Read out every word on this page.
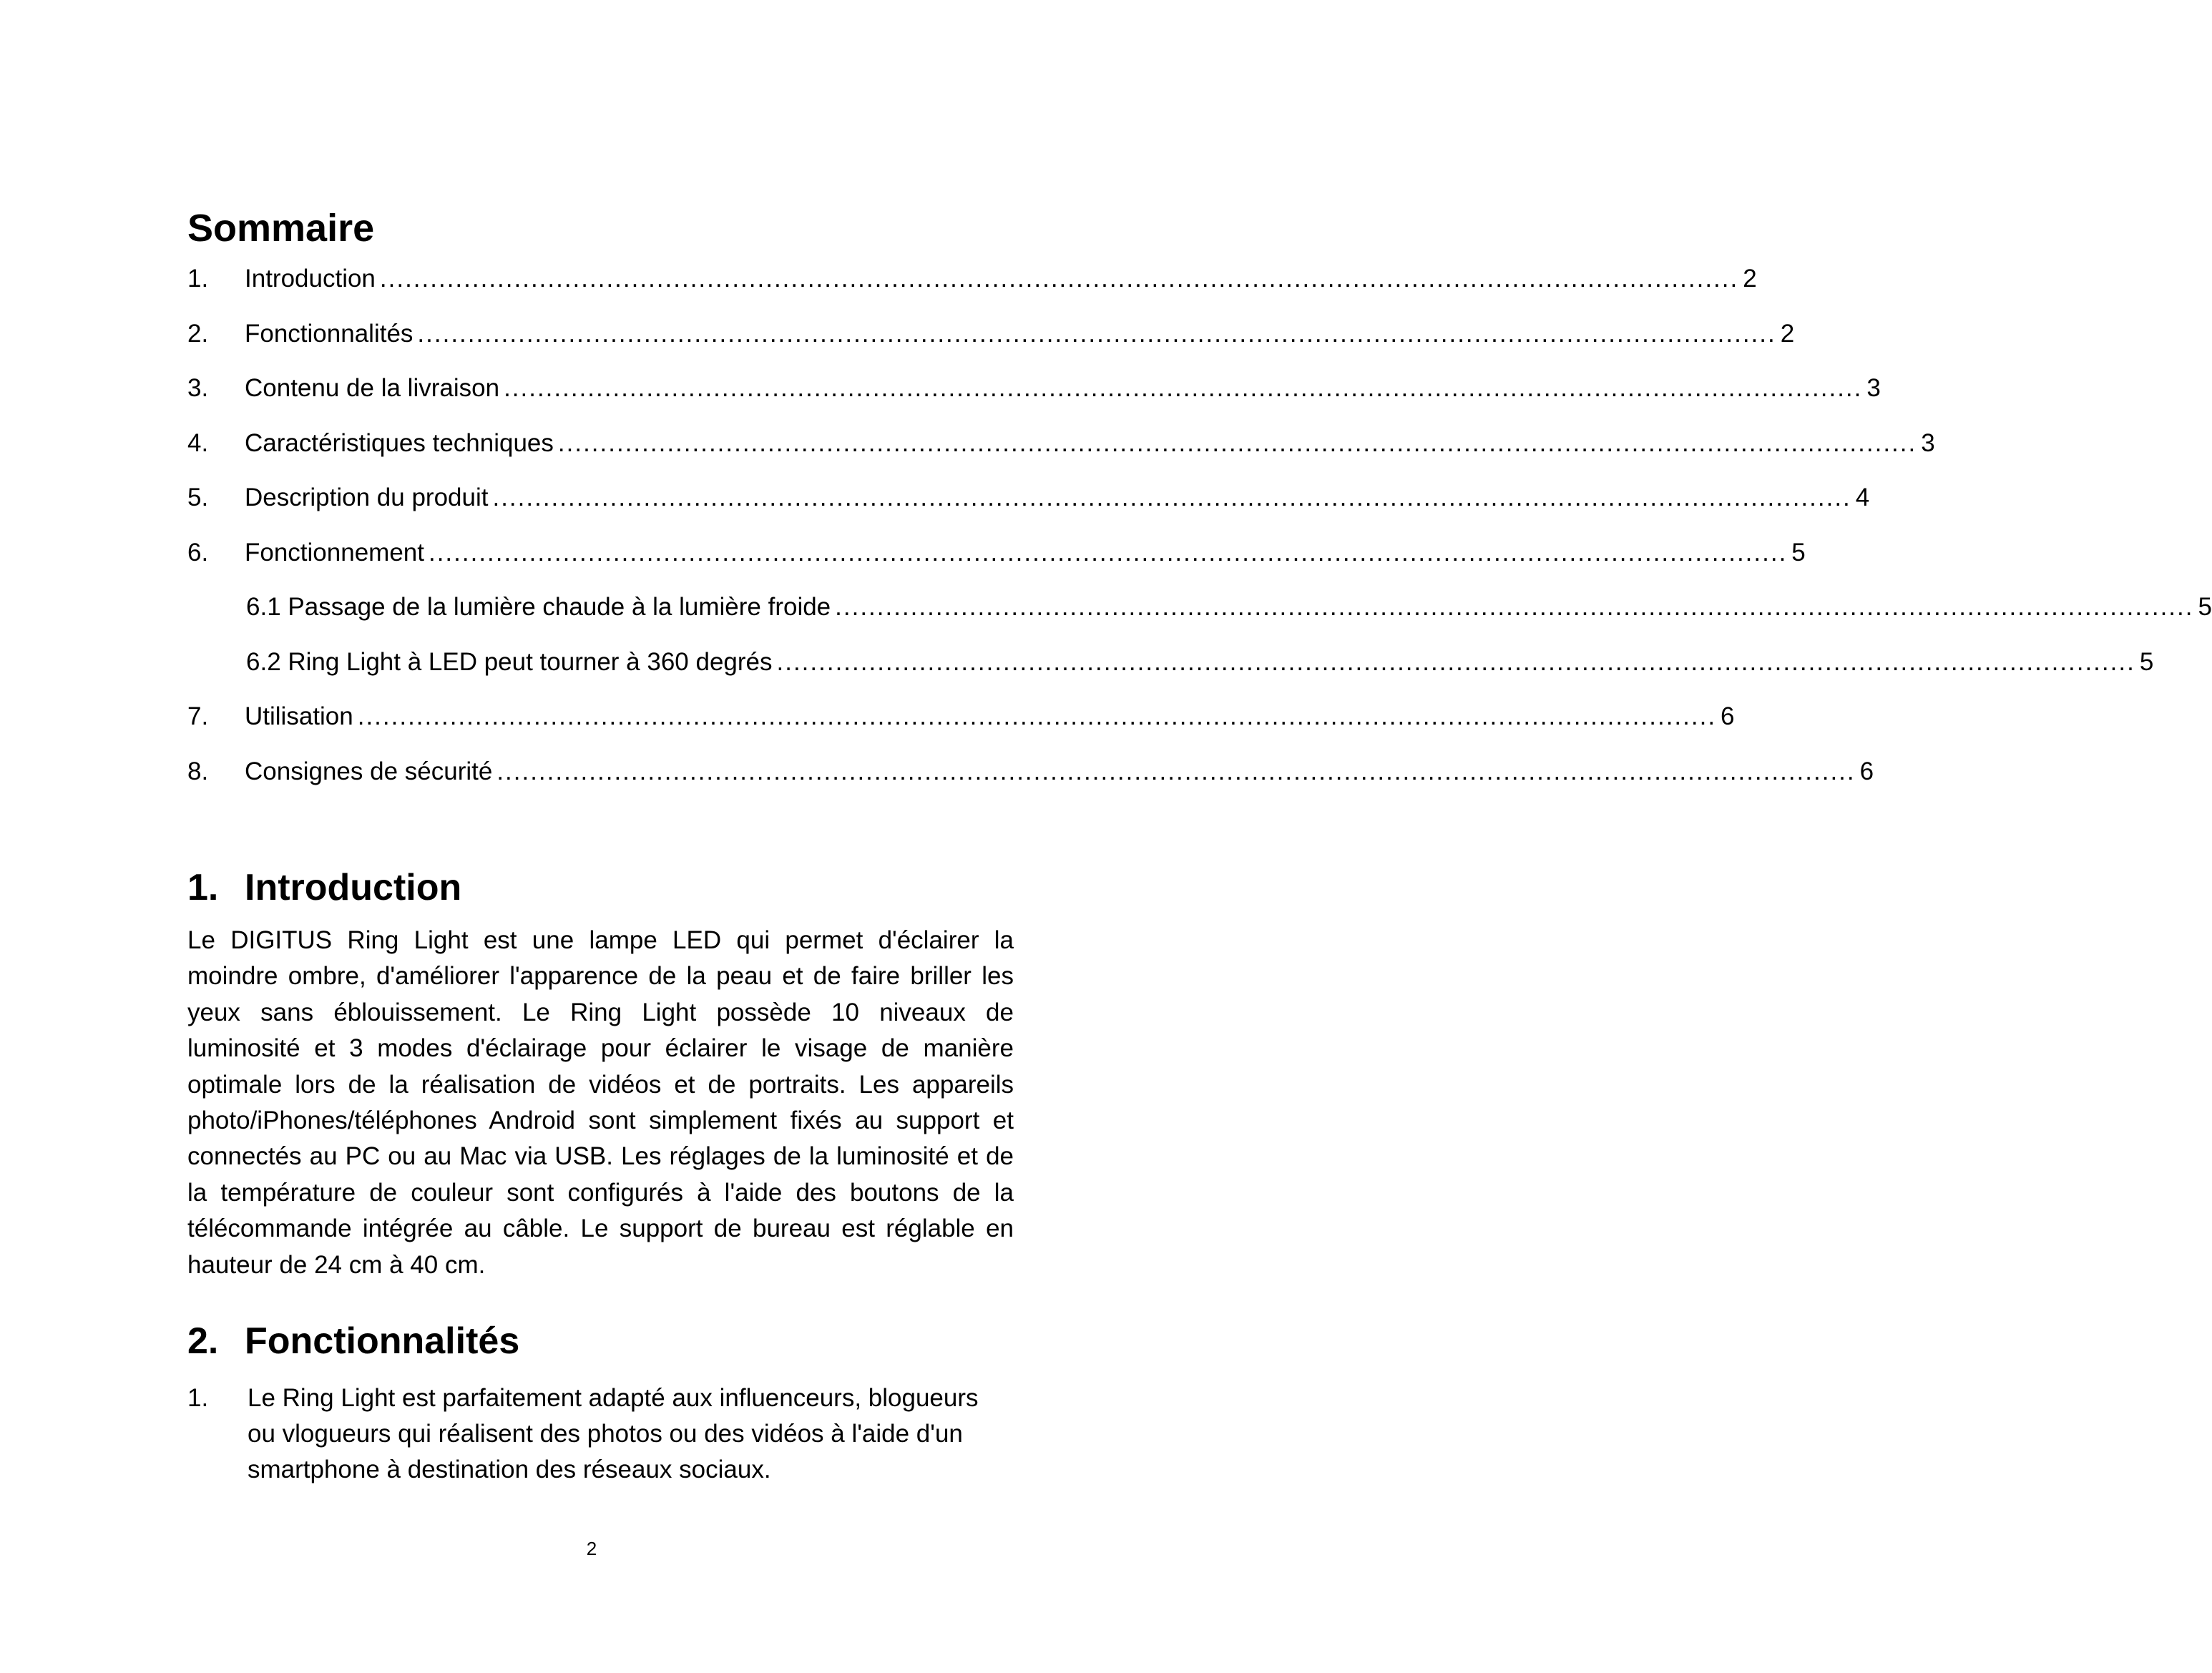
Sommaire
1.	Introduction .................................................................................................................................................................. 2
2.	Fonctionnalités .................................................................................................................................................................. 2
3.	Contenu de la livraison .................................................................................................................................................................. 3
4.	Caractéristiques techniques .................................................................................................................................................................. 3
5.	Description du produit .................................................................................................................................................................. 4
6.	Fonctionnement .................................................................................................................................................................. 5
6.1 Passage de la lumière chaude à la lumière froide .................................................................................................................................................................. 5
6.2 Ring Light à LED peut tourner à 360 degrés .................................................................................................................................................................. 5
7.	Utilisation .................................................................................................................................................................. 6
8.	Consignes de sécurité .................................................................................................................................................................. 6
1. Introduction

Le DIGITUS Ring Light est une lampe LED qui permet d'éclairer la moindre ombre, d'améliorer l'apparence de la peau et de faire briller les yeux sans éblouissement. Le Ring Light possède 10 niveaux de luminosité et 3 modes d'éclairage pour éclairer le visage de manière optimale lors de la réalisation de vidéos et de portraits. Les appareils photo/iPhones/téléphones Android sont simplement fixés au support et connectés au PC ou au Mac via USB. Les réglages de la luminosité et de la température de couleur sont configurés à l'aide des boutons de la télécommande intégrée au câble. Le support de bureau est réglable en hauteur de 24 cm à 40 cm.

2. Fonctionnalités
1. Le Ring Light est parfaitement adapté aux influenceurs, blogueurs ou vlogueurs qui réalisent des photos ou des vidéos à l'aide d'un smartphone à destination des réseaux sociaux.
2
